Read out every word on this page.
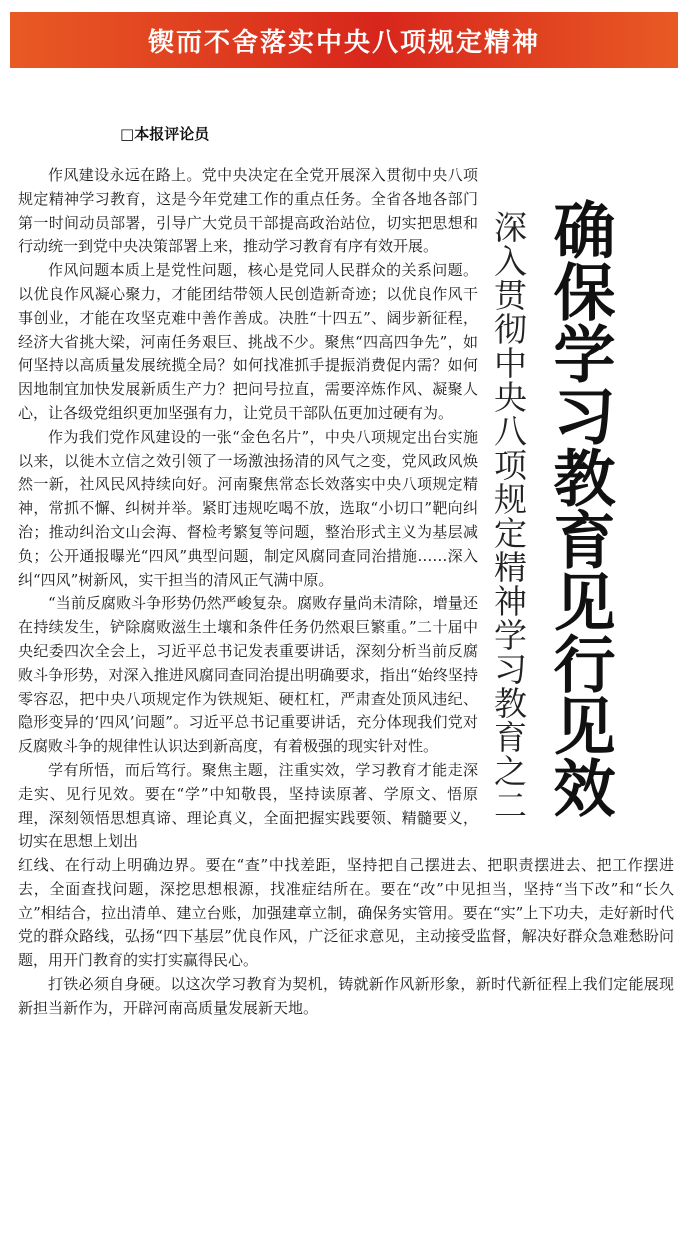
锲而不舍落实中央八项规定精神
□本报评论员
确保学习教育见行见效
深入贯彻中央八项规定精神学习教育之二

作风建设永远在路上。党中央决定在全党开展深入贯彻中央八项规定精神学习教育，这是今年党建工作的重点任务。全省各地各部门第一时间动员部署，引导广大党员干部提高政治站位，切实把思想和行动统一到党中央决策部署上来，推动学习教育有序有效开展。

作风问题本质上是党性问题，核心是党同人民群众的关系问题。以优良作风凝心聚力，才能团结带领人民创造新奇迹；以优良作风干事创业，才能在攻坚克难中善作善成。决胜“十四五”、阔步新征程，经济大省挑大梁，河南任务艰巨、挑战不少。聚焦“四高四争先”，如何坚持以高质量发展统揽全局？如何找准抓手提振消费促内需？如何因地制宜加快发展新质生产力？把问号拉直，需要淬炼作风、凝聚人心，让各级党组织更加坚强有力，让党员干部队伍更加过硬有为。

作为我们党作风建设的一张“金色名片”，中央八项规定出台实施以来，以徙木立信之效引领了一场激浊扬清的风气之变，党风政风焕然一新，社风民风持续向好。河南聚焦常态长效落实中央八项规定精神，常抓不懈、纠树并举。紧盯违规吃喝不放，选取“小切口”靶向纠治；推动纠治文山会海、督检考繁复等问题，整治形式主义为基层减负；公开通报曝光“四风”典型问题，制定风腐同查同治措施……深入纠“四风”树新风，实干担当的清风正气满中原。

“当前反腐败斗争形势仍然严峻复杂。腐败存量尚未清除，增量还在持续发生，铲除腐败滋生土壤和条件任务仍然艰巨繁重。”二十届中央纪委四次全会上，习近平总书记发表重要讲话，深刻分析当前反腐败斗争形势，对深入推进风腐同查同治提出明确要求，指出“始终坚持零容忍，把中央八项规定作为铁规矩、硬杠杠，严肃查处顶风违纪、隐形变异的‘四风’问题”。习近平总书记重要讲话，充分体现我们党对反腐败斗争的规律性认识达到新高度，有着极强的现实针对性。

学有所悟，而后笃行。聚焦主题，注重实效，学习教育才能走深走实、见行见效。要在“学”中知敬畏，坚持读原著、学原文、悟原理，深刻领悟思想真谛、理论真义，全面把握实践要领、精髓要义，切实在思想上划出

红线、在行动上明确边界。要在“查”中找差距，坚持把自己摆进去、把职责摆进去、把工作摆进去，全面查找问题，深挖思想根源，找准症结所在。要在“改”中见担当，坚持“当下改”和“长久立”相结合，拉出清单、建立台账，加强建章立制，确保务实管用。要在“实”上下功夫，走好新时代党的群众路线，弘扬“四下基层”优良作风，广泛征求意见，主动接受监督，解决好群众急难愁盼问题，用开门教育的实打实赢得民心。

打铁必须自身硬。以这次学习教育为契机，铸就新作风新形象，新时代新征程上我们定能展现新担当新作为，开辟河南高质量发展新天地。
